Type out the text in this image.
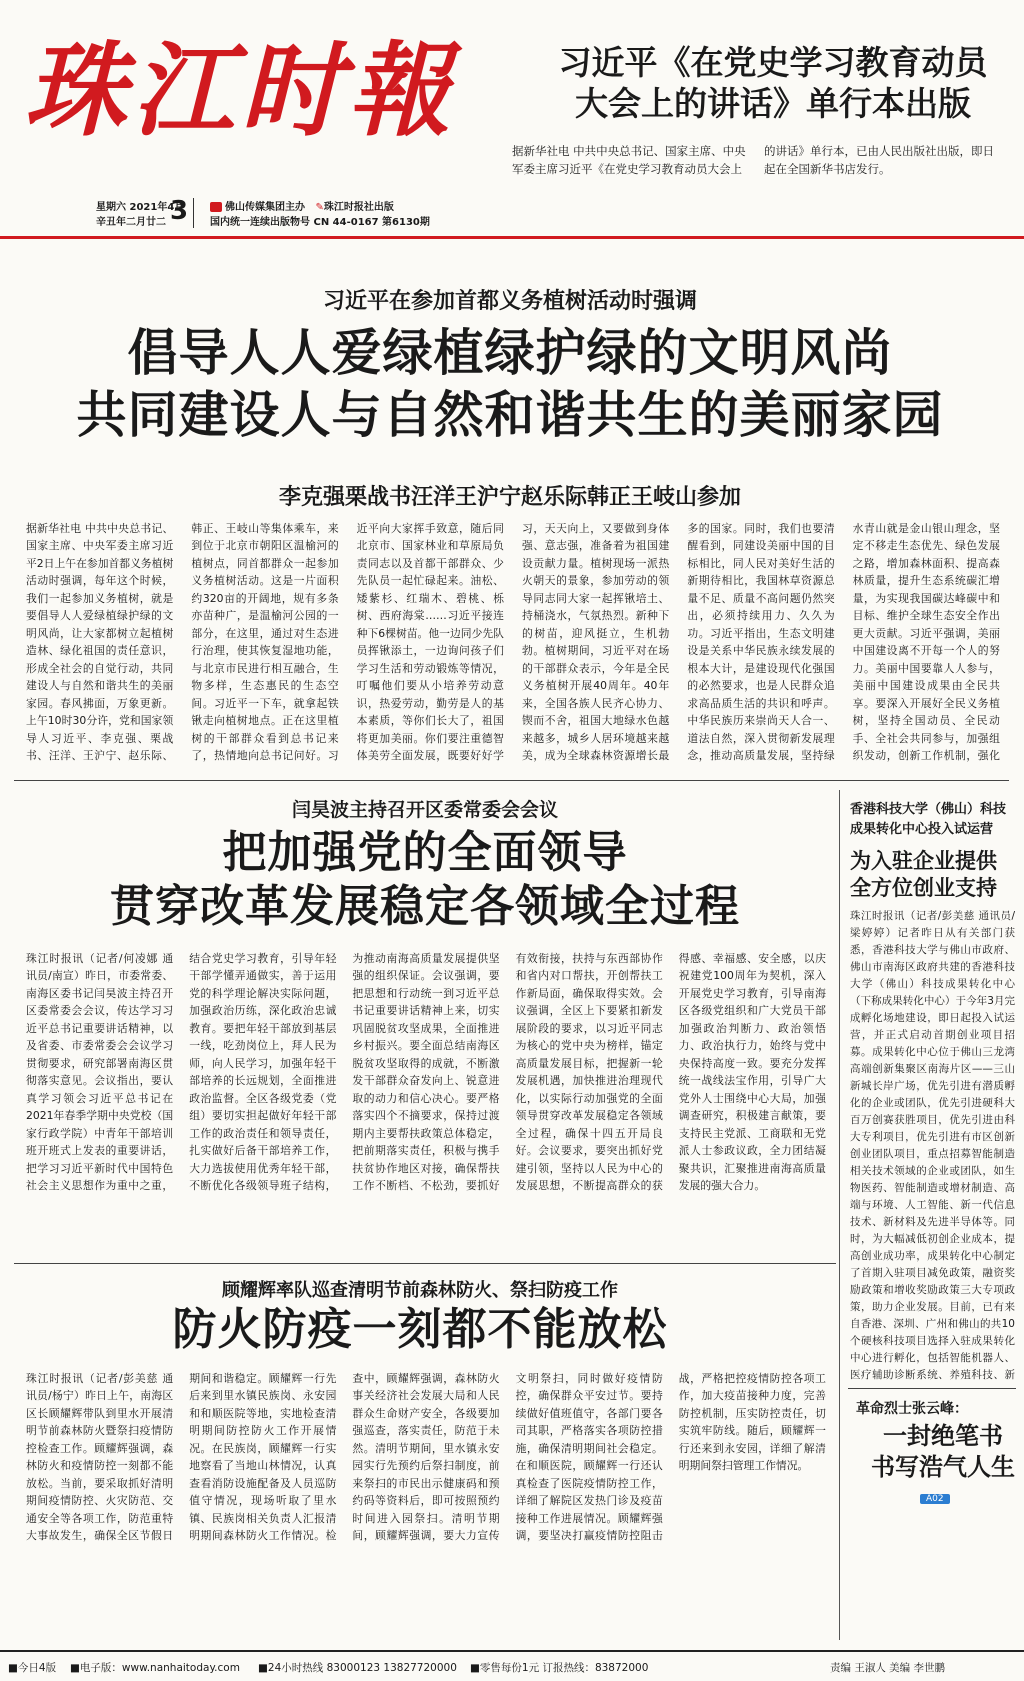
珠江时報	习近平《在党史学习教育动员
大会上的讲话》单行本出版
据新华社电 中共中央总书记、国家主席、中央军委主席习近平《在党史学习教育动员大会上的讲话》单行本，已由人民出版社出版，即日起在全国新华书店发行。
星期六 2021年4月
辛丑年二月廿二 3	佛山传媒集团主办 ✎珠江时报社出版
国内统一连续出版物号 CN 44-0167 第6130期
习近平在参加首都义务植树活动时强调
倡导人人爱绿植绿护绿的文明风尚
共同建设人与自然和谐共生的美丽家园
李克强栗战书汪洋王沪宁赵乐际韩正王岐山参加
据新华社电 中共中央总书记、国家主席、中央军委主席习近平2日上午在参加首都义务植树活动时强调，每年这个时候，我们一起参加义务植树，就是要倡导人人爱绿植绿护绿的文明风尚，让大家都树立起植树造林、绿化祖国的责任意识，形成全社会的自觉行动，共同建设人与自然和谐共生的美丽家园。春风拂面，万象更新。上午10时30分许，党和国家领导人习近平、李克强、栗战书、汪洋、王沪宁、赵乐际、韩正、王岐山等集体乘车，来到位于北京市朝阳区温榆河的植树点，同首都群众一起参加义务植树活动。这是一片面积约320亩的开阔地，规有多条亦苗种广，是温榆河公园的一部分，在这里，通过对生态进行治理，使其恢复湿地功能，与北京市民进行相互融合，生物多样，生态惠民的生态空间。习近平一下车，就拿起铁锹走向植树地点。正在这里植树的干部群众看到总书记来了，热情地向总书记问好。习近平向大家挥手致意，随后同北京市、国家林业和草原局负责同志以及首都干部群众、少先队员一起忙碌起来。油松、矮紫杉、红瑞木、碧桃、栎树、西府海棠……习近平接连种下6棵树苗。他一边同少先队员挥锹添土，一边询问孩子们学习生活和劳动锻炼等情况，叮嘱他们要从小培养劳动意识，热爱劳动，勤劳是人的基本素质，等你们长大了，祖国将更加美丽。你们要注重德智体美劳全面发展，既要好好学习，天天向上，又要做到身体强、意志强，准备着为祖国建设贡献力量。植树现场一派热火朝天的景象，参加劳动的领导同志同大家一起挥锹培土、持桶浇水，气氛热烈。新种下的树苗，迎风挺立，生机勃勃。植树期间，习近平对在场的干部群众表示，今年是全民义务植树开展40周年。40年来，全国各族人民齐心协力、锲而不舍，祖国大地绿水色越来越多，城乡人居环境越来越美，成为全球森林资源增长最多的国家。同时，我们也要清醒看到，同建设美丽中国的目标相比，同人民对美好生活的新期待相比，我国林草资源总量不足、质量不高问题仍然突出，必须持续用力、久久为功。习近平指出，生态文明建设是关系中华民族永续发展的根本大计，是建设现代化强国的必然要求，也是人民群众追求高品质生活的共识和呼声。中华民族历来崇尚天人合一、道法自然，深入贯彻新发展理念，推动高质量发展，坚持绿水青山就是金山银山理念，坚定不移走生态优先、绿色发展之路，增加森林面积、提高森林质量，提升生态系统碳汇增量，为实现我国碳达峰碳中和目标、维护全球生态安全作出更大贡献。习近平强调，美丽中国建设离不开每一个人的努力。美丽中国要靠人人参与，美丽中国建设成果由全民共享。要深入开展好全民义务植树，坚持全国动员、全民动手、全社会共同参与，加强组织发动，创新工作机制，强化
闫昊波主持召开区委常委会会议
把加强党的全面领导
贯穿改革发展稳定各领域全过程
珠江时报讯（记者/何凌娜 通讯员/南宣）昨日，市委常委、南海区委书记闫昊波主持召开区委常委会会议，传达学习习近平总书记重要讲话精神，以及省委、市委常委会会议学习贯彻要求，研究部署南海区贯彻落实意见。会议指出，要认真学习领会习近平总书记在2021年春季学期中央党校（国家行政学院）中青年干部培训班开班式上发表的重要讲话，把学习习近平新时代中国特色社会主义思想作为重中之重，结合党史学习教育，引导年轻干部学懂弄通做实，善于运用党的科学理论解决实际问题，加强政治历练，深化政治忠诚教育。要把年轻干部放到基层一线，吃劲岗位上，拜人民为师，向人民学习，加强年轻干部培养的长远规划，全面推进政治监督。全区各级党委（党组）要切实担起做好年轻干部工作的政治责任和领导责任，扎实做好后备干部培养工作，大力选拔使用优秀年轻干部，不断优化各级领导班子结构，为推动南海高质量发展提供坚强的组织保证。会议强调，要把思想和行动统一到习近平总书记重要讲话精神上来，切实巩固脱贫攻坚成果，全面推进乡村振兴。要全面总结南海区脱贫攻坚取得的成就，不断激发干部群众奋发向上、锐意进取的动力和信心决心。要严格落实四个不摘要求，保持过渡期内主要帮扶政策总体稳定，把前期落实责任，积极与携手扶贫协作地区对接，确保帮扶工作不断档、不松劲，要抓好有效衔接，扶持与东西部协作和省内对口帮扶，开创帮扶工作新局面，确保取得实效。会议强调，全区上下要紧扣新发展阶段的要求，以习近平同志为核心的党中央为榜样，锚定高质量发展目标，把握新一轮发展机遇，加快推进治理现代化，以实际行动加强党的全面领导贯穿改革发展稳定各领域全过程，确保十四五开局良好。会议要求，要突出抓好党建引领，坚持以人民为中心的发展思想，不断提高群众的获得感、幸福感、安全感，以庆祝建党100周年为契机，深入开展党史学习教育，引导南海区各级党组织和广大党员干部加强政治判断力、政治领悟力、政治执行力，始终与党中央保持高度一致。要充分发挥统一战线法宝作用，引导广大党外人士围绕中心大局，加强调查研究，积极建言献策，要支持民主党派、工商联和无党派人士参政议政，全力团结凝聚共识，汇聚推进南海高质量发展的强大合力。
顾耀辉率队巡查清明节前森林防火、祭扫防疫工作
防火防疫一刻都不能放松
珠江时报讯（记者/彭美慈 通讯员/杨宁）昨日上午，南海区区长顾耀辉带队到里水开展清明节前森林防火暨祭扫疫情防控检查工作。顾耀辉强调，森林防火和疫情防控一刻都不能放松。当前，要采取抓好清明期间疫情防控、火灾防范、交通安全等各项工作，防范重特大事故发生，确保全区节假日期间和谐稳定。顾耀辉一行先后来到里水镇民族岗、永安园和和顺医院等地，实地检查清明期间防控防火工作开展情况。在民族岗，顾耀辉一行实地察看了当地山林情况，认真查看消防设施配备及人员巡防值守情况，现场听取了里水镇、民族岗相关负责人汇报清明期间森林防火工作情况。检查中，顾耀辉强调，森林防火事关经济社会发展大局和人民群众生命财产安全，各级要加强巡查，落实责任，防范于未然。清明节期间，里水镇永安园实行先预约后祭扫制度，前来祭扫的市民出示健康码和预约码等资料后，即可按照预约时间进入园祭扫。清明节期间，顾耀辉强调，要大力宣传文明祭扫，同时做好疫情防控，确保群众平安过节。要持续做好值班值守，各部门要各司其职，严格落实各项防控措施，确保清明期间社会稳定。在和顺医院，顾耀辉一行还认真检查了医院疫情防控工作，详细了解院区发热门诊及疫苗接种工作进展情况。顾耀辉强调，要坚决打赢疫情防控阻击战，严格把控疫情防控各项工作，加大疫苗接种力度，完善防控机制，压实防控责任，切实筑牢防线。随后，顾耀辉一行还来到永安园，详细了解清明期间祭扫管理工作情况。
香港科技大学（佛山）科技成果转化中心投入试运营
为入驻企业提供
全方位创业支持
珠江时报讯（记者/彭美慈 通讯员/梁婷婷）记者昨日从有关部门获悉，香港科技大学与佛山市政府、佛山市南海区政府共建的香港科技大学（佛山）科技成果转化中心（下称成果转化中心）于今年3月完成孵化场地建设，即日起投入试运营，并正式启动首期创业项目招募。成果转化中心位于佛山三龙湾高端创新集聚区南海片区——三山新城长岸广场，优先引进有潜质孵化的企业或团队，优先引进硬科大百万创赛获胜项目，优先引进由科大专利项目，优先引进有市区创新创业团队项目，重点招募智能制造相关技术领域的企业或团队，如生物医药、智能制造或增材制造、高端与环境、人工智能、新一代信息技术、新材料及先进半导体等。同时，为大幅减低初创企业成本，提高创业成功率，成果转化中心制定了首期入驻项目减免政策，融资奖励政策和增收奖励政策三大专项政策，助力企业发展。目前，已有来自香港、深圳、广州和佛山的共10个硬核科技项目选择入驻成果转化中心进行孵化，包括智能机器人、医疗辅助诊断系统、养殖科技、新
革命烈士张云峰：
一封绝笔书
书写浩气人生
A02
■今日4版 ■电子版：www.nanhaitoday.com ■24小时热线 83000123 13827720000 ■零售每份1元 订报热线：83872000	责编 王淑人 美编 李世鹏
